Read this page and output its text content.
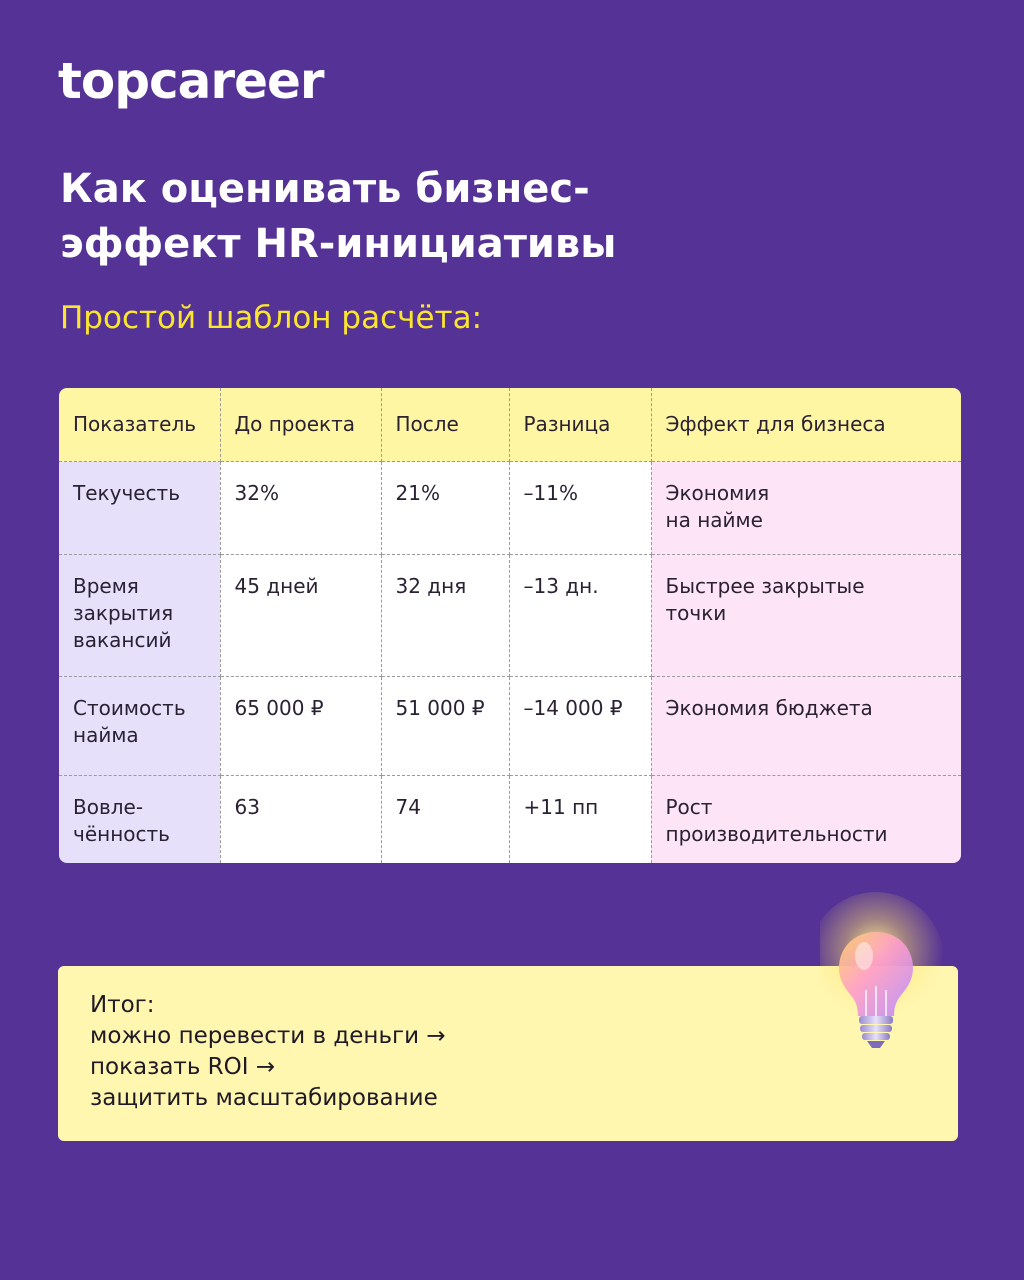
topcareer
Как оценивать бизнес-
эффект HR-инициативы
Простой шаблон расчёта:
Показатель	До проекта	После	Разница	Эффект для бизнеса
Текучесть	32%	21%	–11%	Экономия
на найме
Время
закрытия
вакансий	45 дней	32 дня	–13 дн.	Быстрее закрытые
точки
Стоимость
найма	65 000 ₽	51 000 ₽	–14 000 ₽	Экономия бюджета
Вовле-
чённость	63	74	+11 пп	Рост
производительности
Итог:
можно перевести в деньги →
показать ROI →
защитить масштабирование
